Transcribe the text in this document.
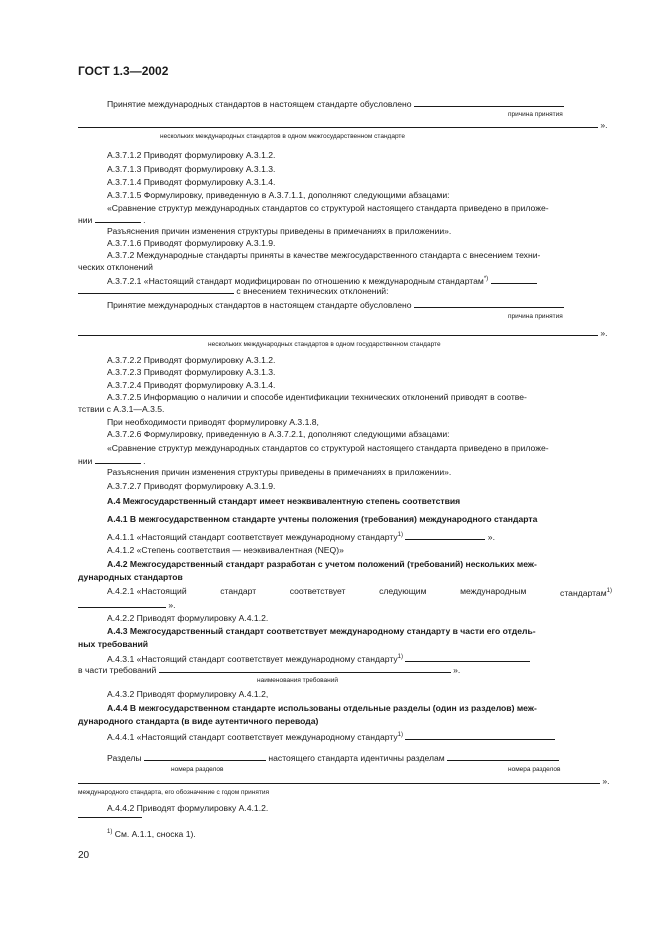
ГОСТ 1.3—2002
Принятие международных стандартов в настоящем стандарте обусловлено
причина принятия
».
нескольких международных стандартов в одном межгосударственном стандарте
А.3.7.1.2 Приводят формулировку А.3.1.2.
А.3.7.1.3 Приводят формулировку А.3.1.3.
А.3.7.1.4 Приводят формулировку А.3.1.4.
А.3.7.1.5 Формулировку, приведенную в А.3.7.1.1, дополняют следующими абзацами:
«Сравнение структур международных стандартов со структурой настоящего стандарта приведено в приложе-
нии	.
Разъяснения причин изменения структуры приведены в примечаниях в приложении».
А.3.7.1.6 Приводят формулировку А.3.1.9.
А.3.7.2 Международные стандарты приняты в качестве межгосударственного стандарта с внесением техни-
ческих отклонений
А.3.7.2.1 «Настоящий стандарт модифицирован по отношению к международным стандартам*)
с внесением технических отклонений:
Принятие международных стандартов в настоящем стандарте обусловлено
причина принятия
».
нескольких международных стандартов в одном государственном стандарте
А.3.7.2.2 Приводят формулировку А.3.1.2.
А.3.7.2.3 Приводят формулировку А.3.1.3.
А.3.7.2.4 Приводят формулировку А.3.1.4.
А.3.7.2.5 Информацию о наличии и способе идентификации технических отклонений приводят в соотве-
тствии с А.3.1—А.3.5.
При необходимости приводят формулировку А.3.1.8,
А.3.7.2.6 Формулировку, приведенную в А.3.7.2.1, дополняют следующими абзацами:
«Сравнение структур международных стандартов со структурой настоящего стандарта приведено в приложе-
нии	.
Разъяснения причин изменения структуры приведены в примечаниях в приложении».
А.3.7.2.7 Приводят формулировку А.3.1.9.
А.4 Межгосударственный стандарт имеет неэквивалентную степень соответствия
А.4.1 В межгосударственном стандарте учтены положения (требования) международного стандарта
А.4.1.1 «Настоящий стандарт соответствует международному стандарту$^{1)}$	».
А.4.1.2 «Степень соответствия — неэквивалентная (NEQ)»
А.4.2 Межгосударственный стандарт разработан с учетом положений (требований) нескольких меж-
дународных стандартов
А.4.2.1 «Настоящий	стандарт	соответствует	следующим	международным	стандартам$^{1)}$
».
А.4.2.2 Приводят формулировку А.4.1.2.
А.4.3 Межгосударственный стандарт соответствует международному стандарту в части его отдель-
ных требований
А.4.3.1 «Настоящий стандарт соответствует международному стандарту$^{1)}$
в части требований	».
наименования требований
А.4.3.2 Приводят формулировку А.4.1.2,
А.4.4 В межгосударственном стандарте использованы отдельные разделы (один из разделов) меж-
дународного стандарта (в виде аутентичного перевода)
А.4.4.1 «Настоящий стандарт соответствует международному стандарту$^{1)}$
Разделы	настоящего стандарта идентичны разделам
номера разделов	номера разделов
».
международного стандарта, его обозначение с годом принятия
А.4.4.2 Приводят формулировку А.4.1.2.
$^{1)}$ См. А.1.1, сноска 1).
20
